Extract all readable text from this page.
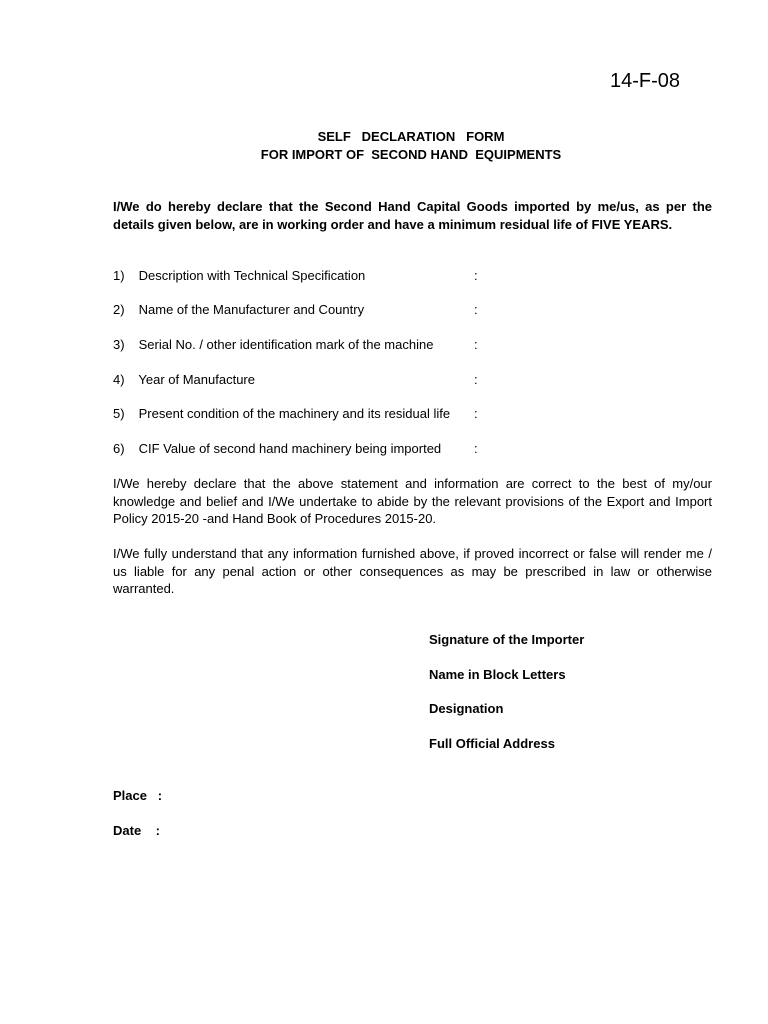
14-F-08
SELF   DECLARATION   FORM
FOR IMPORT OF  SECOND HAND  EQUIPMENTS
I/We do hereby declare that the Second Hand Capital Goods imported by me/us, as per the details given below, are in working order and have a minimum residual life of FIVE YEARS.
1) Description with Technical Specification	:
2) Name of the Manufacturer and Country	:
3) Serial No. / other identification mark of the machine	:
4) Year of Manufacture	:
5) Present condition of the machinery and its residual life	:
6) CIF Value of second hand machinery being imported	:
I/We hereby declare that the above statement and information are correct to the best of my/our knowledge and belief and I/We undertake to abide by the relevant provisions of the Export and Import Policy 2015-20 -and Hand Book of Procedures 2015-20.
I/We fully understand that any information furnished above, if proved incorrect or false will render me / us liable for any penal action or other consequences as may be prescribed in law or otherwise warranted.
Signature of the Importer
Name in Block Letters
Designation
Full Official Address
Place   :
Date    :
